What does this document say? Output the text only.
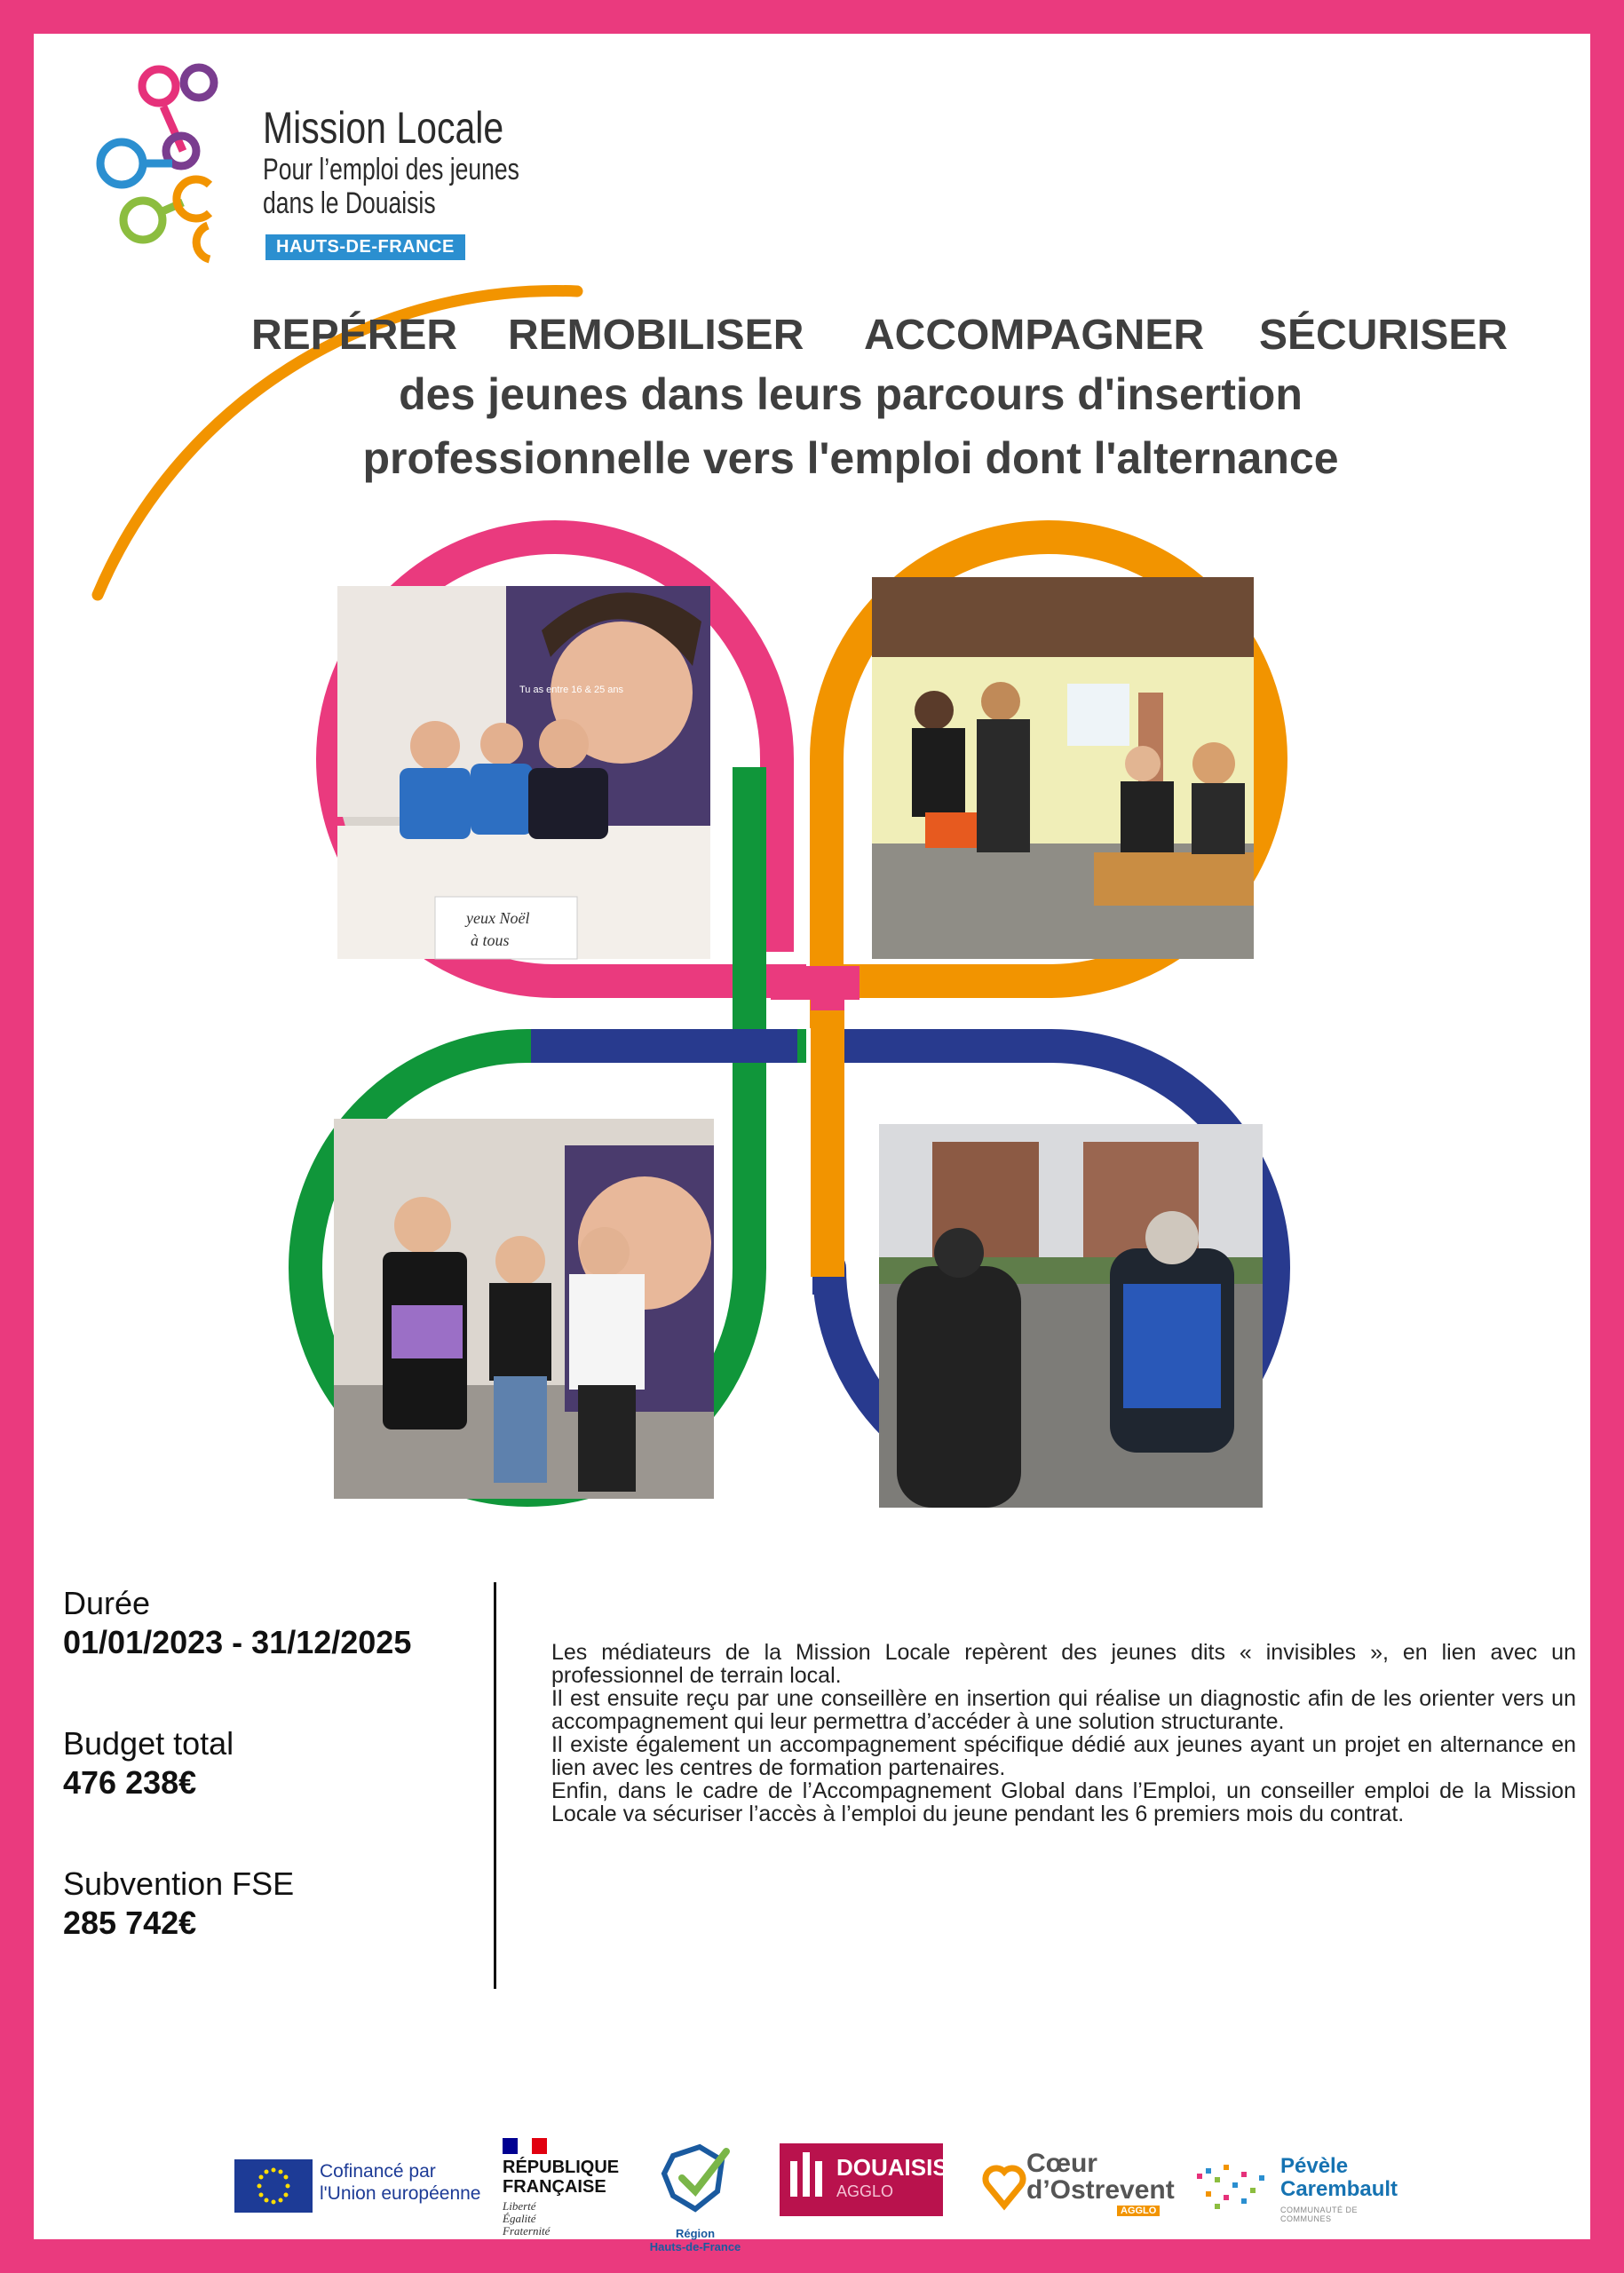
Mission Locale
Pour l’emploi des jeunes
dans le Douaisis
HAUTS-DE-FRANCE
REPÉRER REMOBILISER ACCOMPAGNER SÉCURISER
des jeunes dans leurs parcours d'insertion
professionnelle vers l'emploi dont l'alternance
yeux Noël
à tous
Tu as entre 16 & 25 ans
Durée
01/01/2023 - 31/12/2025
Budget total
476 238€
Subvention FSE
285 742€

Les médiateurs de la Mission Locale repèrent des jeunes dits « invisibles », en lien avec un professionnel de terrain local.

Il est ensuite reçu par une conseillère en insertion qui réalise un diagnostic afin de les orienter vers un accompagnement qui leur permettra d’accéder à une solution structurante.

Il existe également un accompagnement spécifique dédié aux jeunes ayant un projet en alternance en lien avec les centres de formation partenaires.

Enfin, dans le cadre de l’Accompagnement Global dans l’Emploi, un conseiller emploi de la Mission Locale va sécuriser l’accès à l’emploi du jeune pendant les 6 premiers mois du contrat.

Cofinancé par
l'Union européenne
RÉPUBLIQUE
FRANÇAISE
Liberté
Égalité
Fraternité	Région
Hauts-de-France
DOUAISIS
AGGLO
Cœur
d’Ostrevent
AGGLO
Pévèle
Carembault
COMMUNAUTÉ DE COMMUNES
